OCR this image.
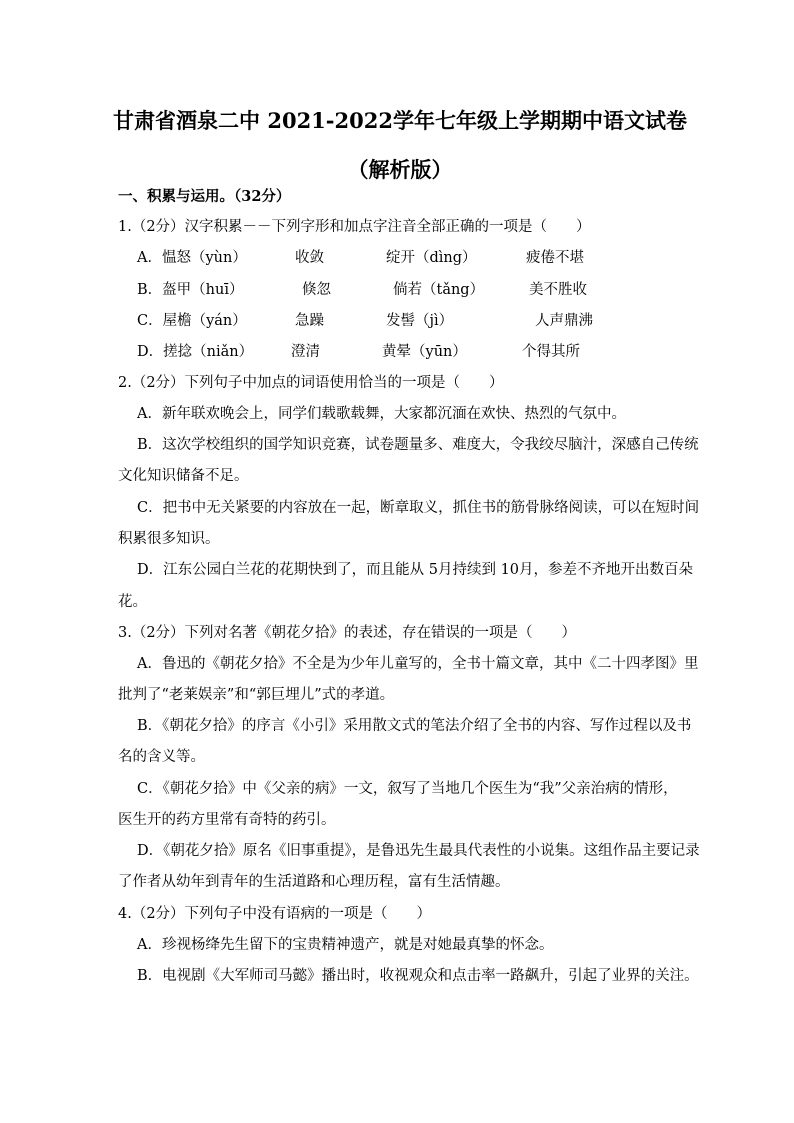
甘肃省酒泉二中 2021-2022学年七年级上学期期中语文试卷（解析版）
一、积累与运用。（32分）
1.（2分）汉字积累－－下列字形和加点字注音全部正确的一项是（　　）
A．愠怒（yùn）	收敛	绽开（dìng）	疲倦不堪
B．盔甲（huī）	倏忽	倘若（tǎng）	美不胜收
C．屋檐（yán）	急躁	发髻（jì）	人声鼎沸
D．搓捻（niǎn）	澄清	黄晕（yūn）	个得其所
2.（2分）下列句子中加点的词语使用恰当的一项是（　　）
A．新年联欢晚会上，同学们载歌载舞，大家都沉湎在欢快、热烈的气氛中。
B．这次学校组织的国学知识竞赛，试卷题量多、难度大，令我绞尽脑汁，深感自己传统
文化知识储备不足。
C．把书中无关紧要的内容放在一起，断章取义，抓住书的筋骨脉络阅读，可以在短时间
积累很多知识。
D．江东公园白兰花的花期快到了，而且能从 5月持续到 10月，参差不齐地开出数百朵
花。
3.（2分）下列对名著《朝花夕拾》的表述，存在错误的一项是（　　）
A．鲁迅的《朝花夕拾》不全是为少年儿童写的，全书十篇文章，其中《二十四孝图》里
批判了“老莱娱亲”和“郭巨埋儿”式的孝道。
B．《朝花夕拾》的序言《小引》采用散文式的笔法介绍了全书的内容、写作过程以及书
名的含义等。
C．《朝花夕拾》中《父亲的病》一文，叙写了当地几个医生为“我”父亲治病的情形，
医生开的药方里常有奇特的药引。
D．《朝花夕拾》原名《旧事重提》，是鲁迅先生最具代表性的小说集。这组作品主要记录
了作者从幼年到青年的生活道路和心理历程，富有生活情趣。
4.（2分）下列句子中没有语病的一项是（　　）
A．珍视杨绛先生留下的宝贵精神遗产，就是对她最真挚的怀念。
B．电视剧《大军师司马懿》播出时，收视观众和点击率一路飙升，引起了业界的关注。
